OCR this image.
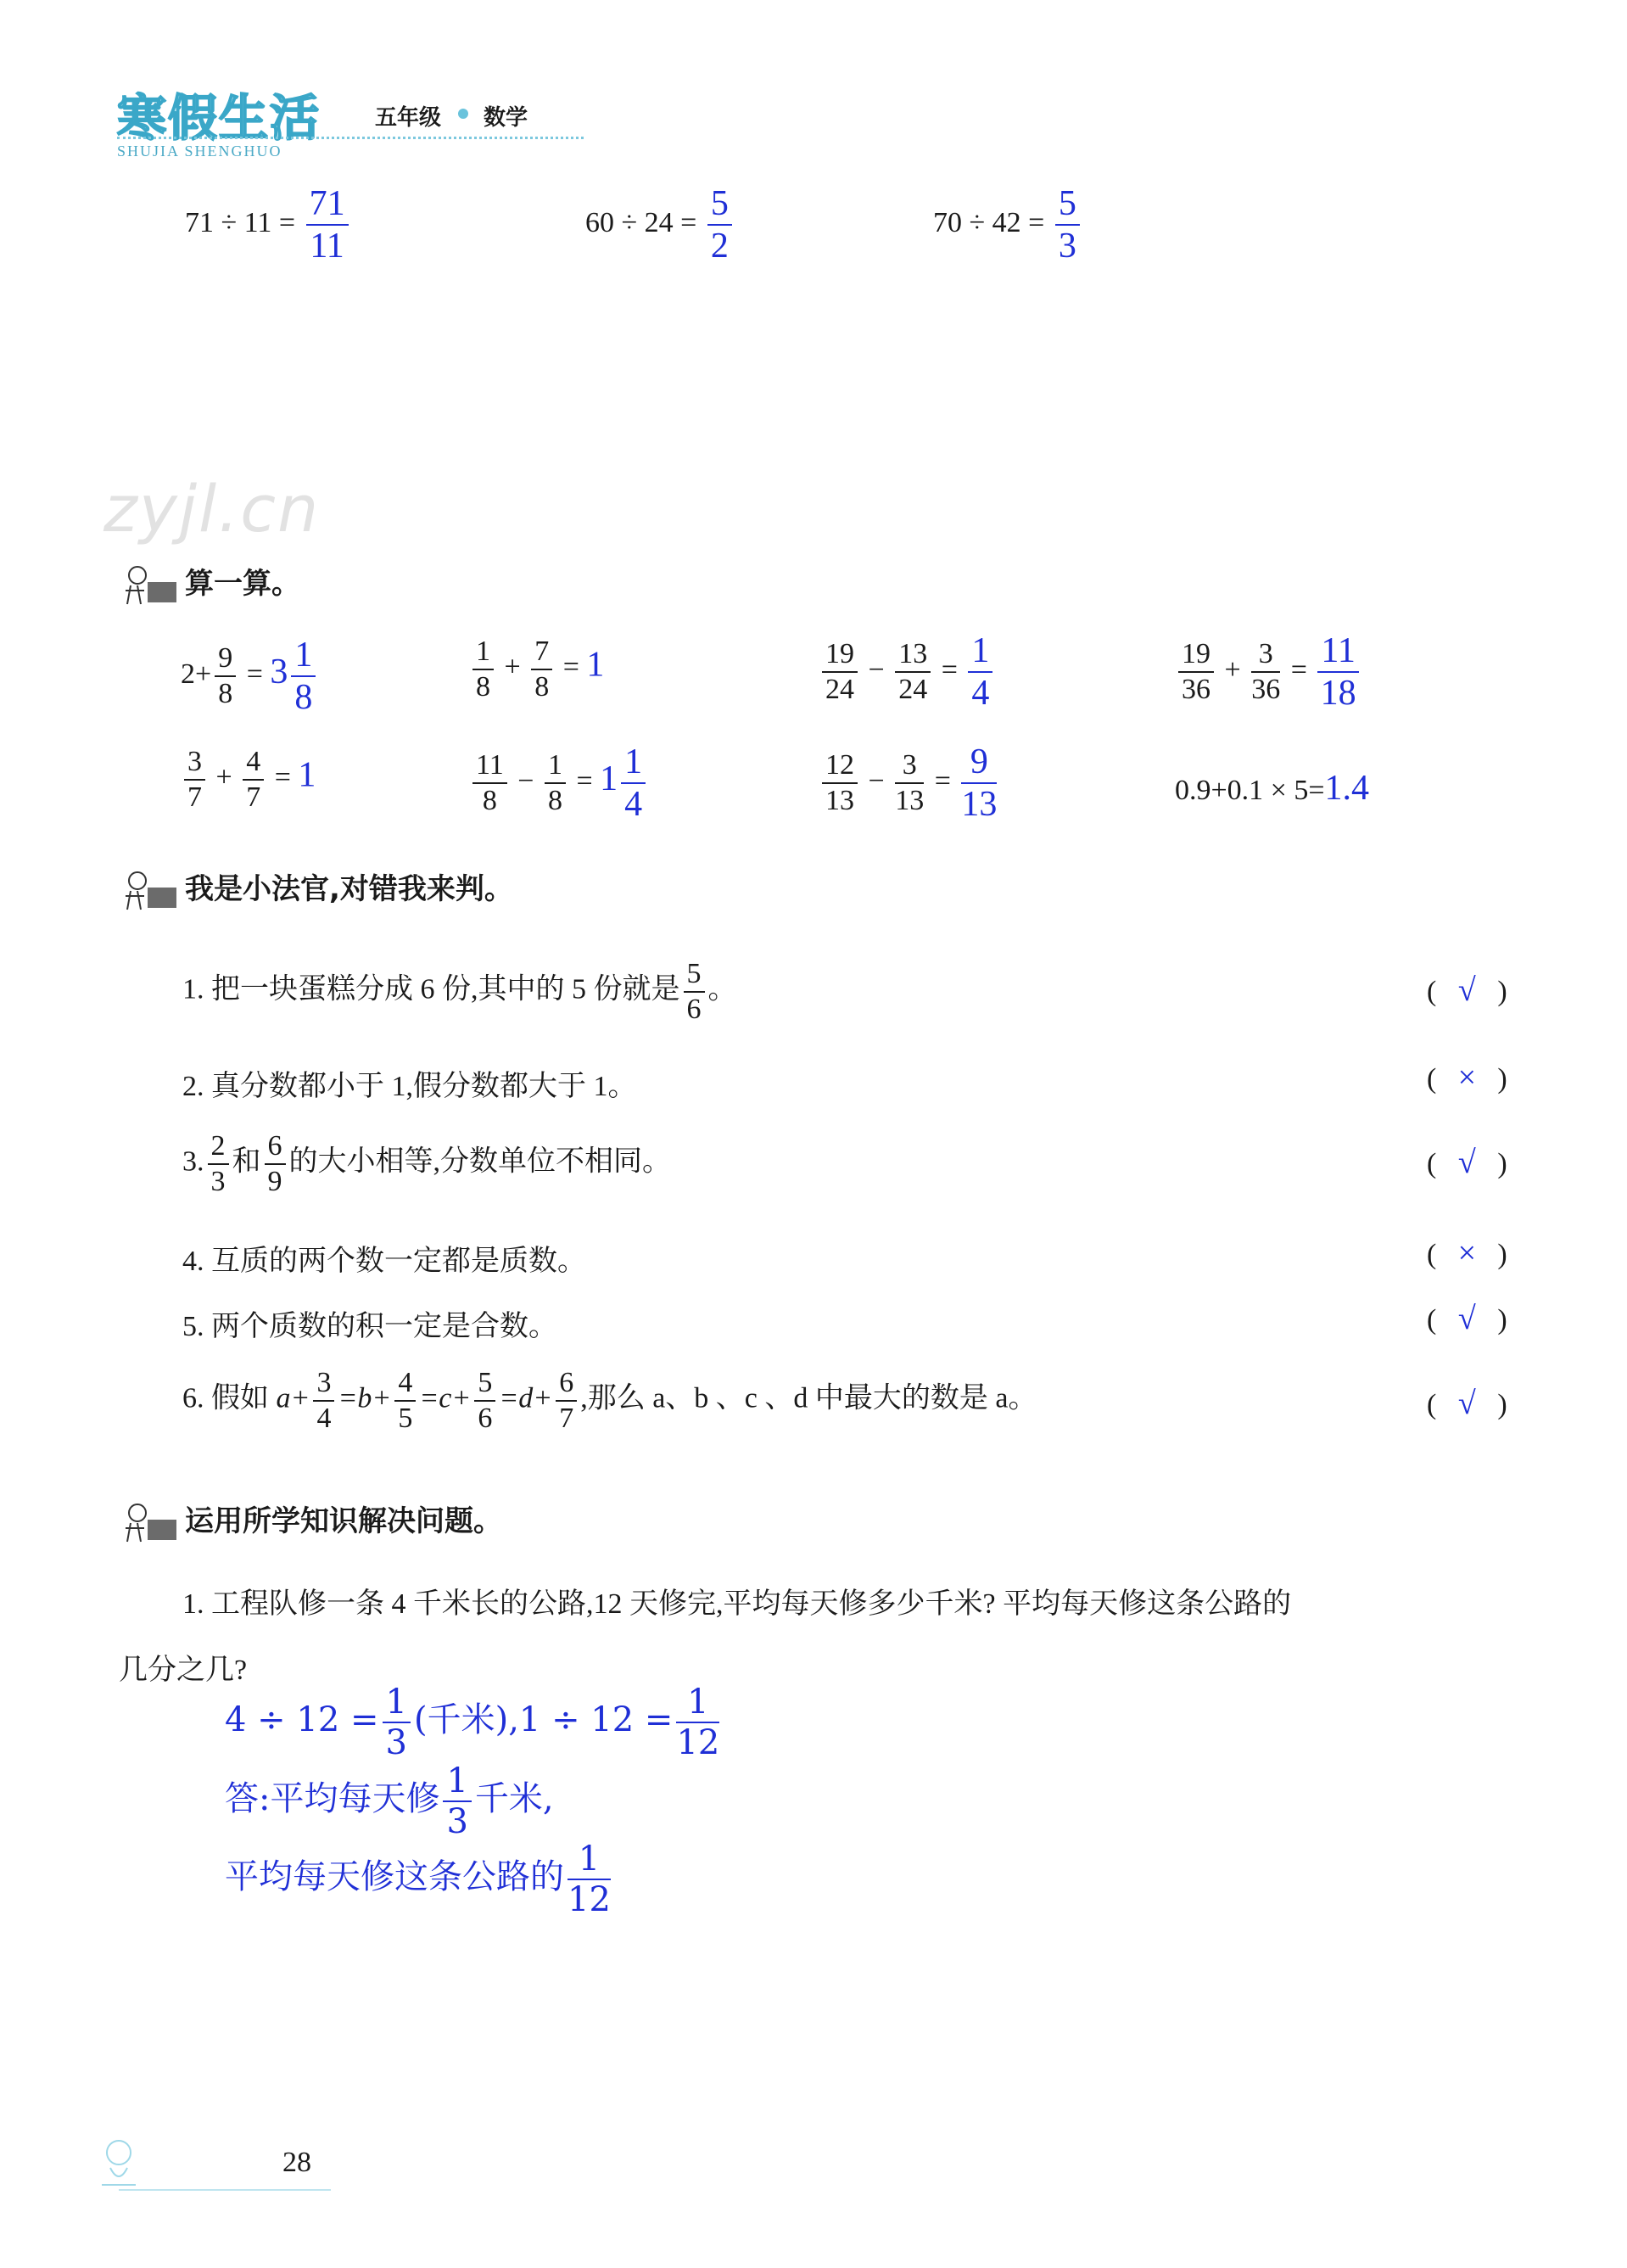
寒假生活 五年级 数学
SHUJIA SHENGHUO
$71 \div 11 = \frac{71}{11}$	$60 \div 24 = \frac{5}{2}$	$70 \div 42 = \frac{5}{3}$
zyjl.cn
算一算。
$2+ \frac{9}{8} = 3 \frac{1}{8}$	$\frac{1}{8} + \frac{7}{8} = 1$	$\frac{19}{24} - \frac{13}{24} = \frac{1}{4}$	$\frac{19}{36} + \frac{3}{36} = \frac{11}{18}$
$\frac{3}{7} + \frac{4}{7} = 1$	$\frac{11}{8} - \frac{1}{8} = 1 \frac{1}{4}$	$\frac{12}{13} - \frac{3}{13} = \frac{9}{13}$	0.9+0.1 × 5=1.4
我是小法官,对错我来判。
1. 把一块蛋糕分成 6 份,其中的 5 份就是 $\frac{5}{6}$ 。	( √ )
2. 真分数都小于 1,假分数都大于 1。	( × )
3. $\frac{2}{3}$ 和 $\frac{6}{9}$ 的大小相等,分数单位不相同。	( √ )
4. 互质的两个数一定都是质数。	( × )
5. 两个质数的积一定是合数。	( √ )
6. 假如 $a+ \frac{3}{4} =b+ \frac{4}{5} =c+ \frac{5}{6} =d+ \frac{6}{7}$ ,那么 a、b 、c 、d 中最大的数是 a。	( √ )
运用所学知识解决问题。
1. 工程队修一条 4 千米长的公路,12 天修完,平均每天修多少千米? 平均每天修这条公路的
几分之几?
$4 \div 12 = \frac{1}{3}$ (千米)$,1 \div 12 = \frac{1}{12}$
答:平均每天修 $\frac{1}{3}$ 千米,
平均每天修这条公路的 $\frac{1}{12}$
28
